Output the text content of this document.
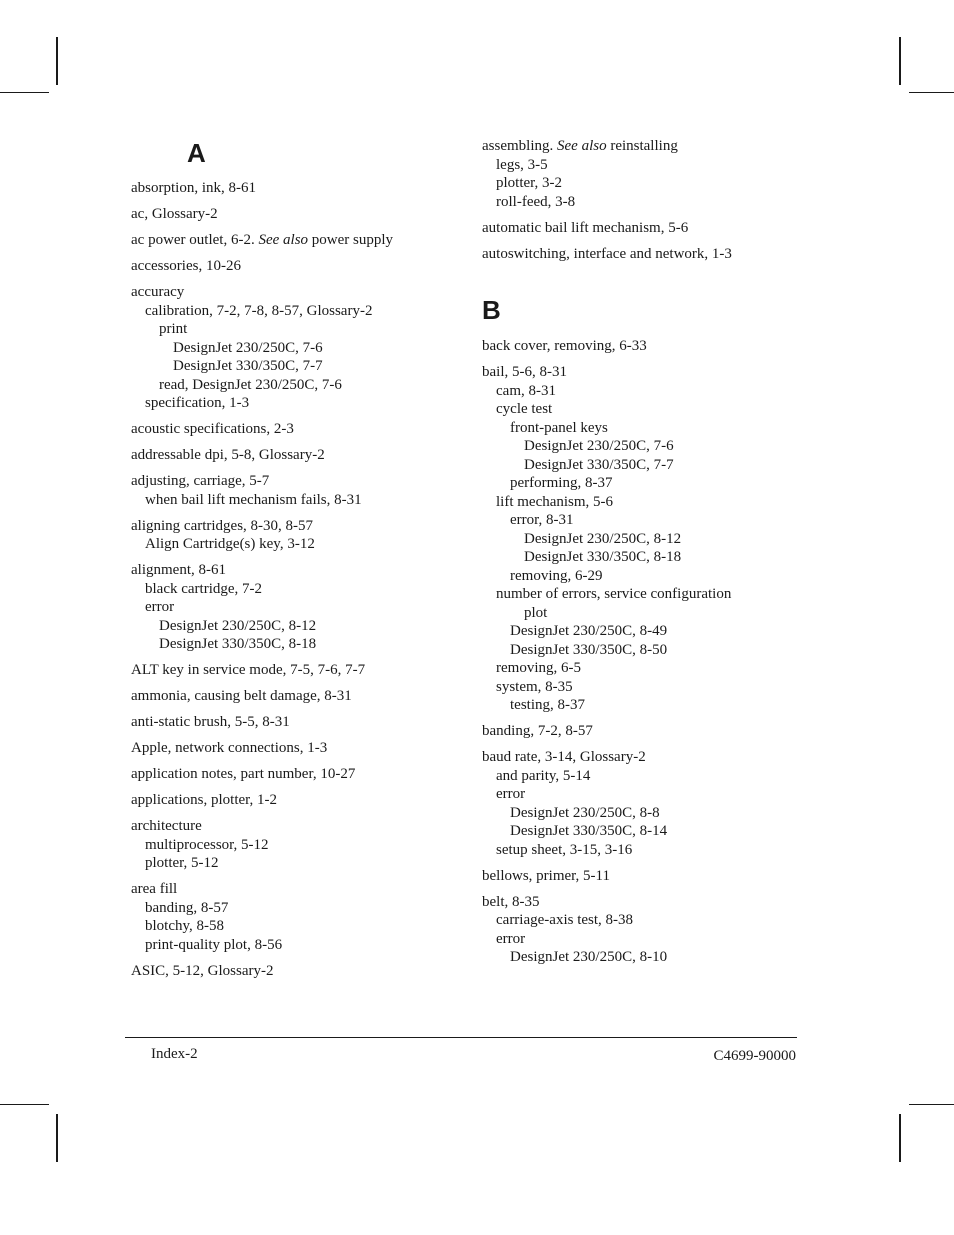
A
absorption, ink, 8-61
ac, Glossary-2
ac power outlet, 6-2. See also power supply
accessories, 10-26
accuracy
calibration, 7-2, 7-8, 8-57, Glossary-2
print
DesignJet 230/250C, 7-6
DesignJet 330/350C, 7-7
read, DesignJet 230/250C, 7-6
specification, 1-3
acoustic specifications, 2-3
addressable dpi, 5-8, Glossary-2
adjusting, carriage, 5-7
when bail lift mechanism fails, 8-31
aligning cartridges, 8-30, 8-57
Align Cartridge(s) key, 3-12
alignment, 8-61
black cartridge, 7-2
error
DesignJet 230/250C, 8-12
DesignJet 330/350C, 8-18
ALT key in service mode, 7-5, 7-6, 7-7
ammonia, causing belt damage, 8-31
anti-static brush, 5-5, 8-31
Apple, network connections, 1-3
application notes, part number, 10-27
applications, plotter, 1-2
architecture
multiprocessor, 5-12
plotter, 5-12
area fill
banding, 8-57
blotchy, 8-58
print-quality plot, 8-56
ASIC, 5-12, Glossary-2
assembling. See also reinstalling
legs, 3-5
plotter, 3-2
roll-feed, 3-8
automatic bail lift mechanism, 5-6
autoswitching, interface and network, 1-3
B
back cover, removing, 6-33
bail, 5-6, 8-31
cam, 8-31
cycle test
front-panel keys
DesignJet 230/250C, 7-6
DesignJet 330/350C, 7-7
performing, 8-37
lift mechanism, 5-6
error, 8-31
DesignJet 230/250C, 8-12
DesignJet 330/350C, 8-18
removing, 6-29
number of errors, service configuration
plot
DesignJet 230/250C, 8-49
DesignJet 330/350C, 8-50
removing, 6-5
system, 8-35
testing, 8-37
banding, 7-2, 8-57
baud rate, 3-14, Glossary-2
and parity, 5-14
error
DesignJet 230/250C, 8-8
DesignJet 330/350C, 8-14
setup sheet, 3-15, 3-16
bellows, primer, 5-11
belt, 8-35
carriage-axis test, 8-38
error
DesignJet 230/250C, 8-10
Index-2	C4699-90000
